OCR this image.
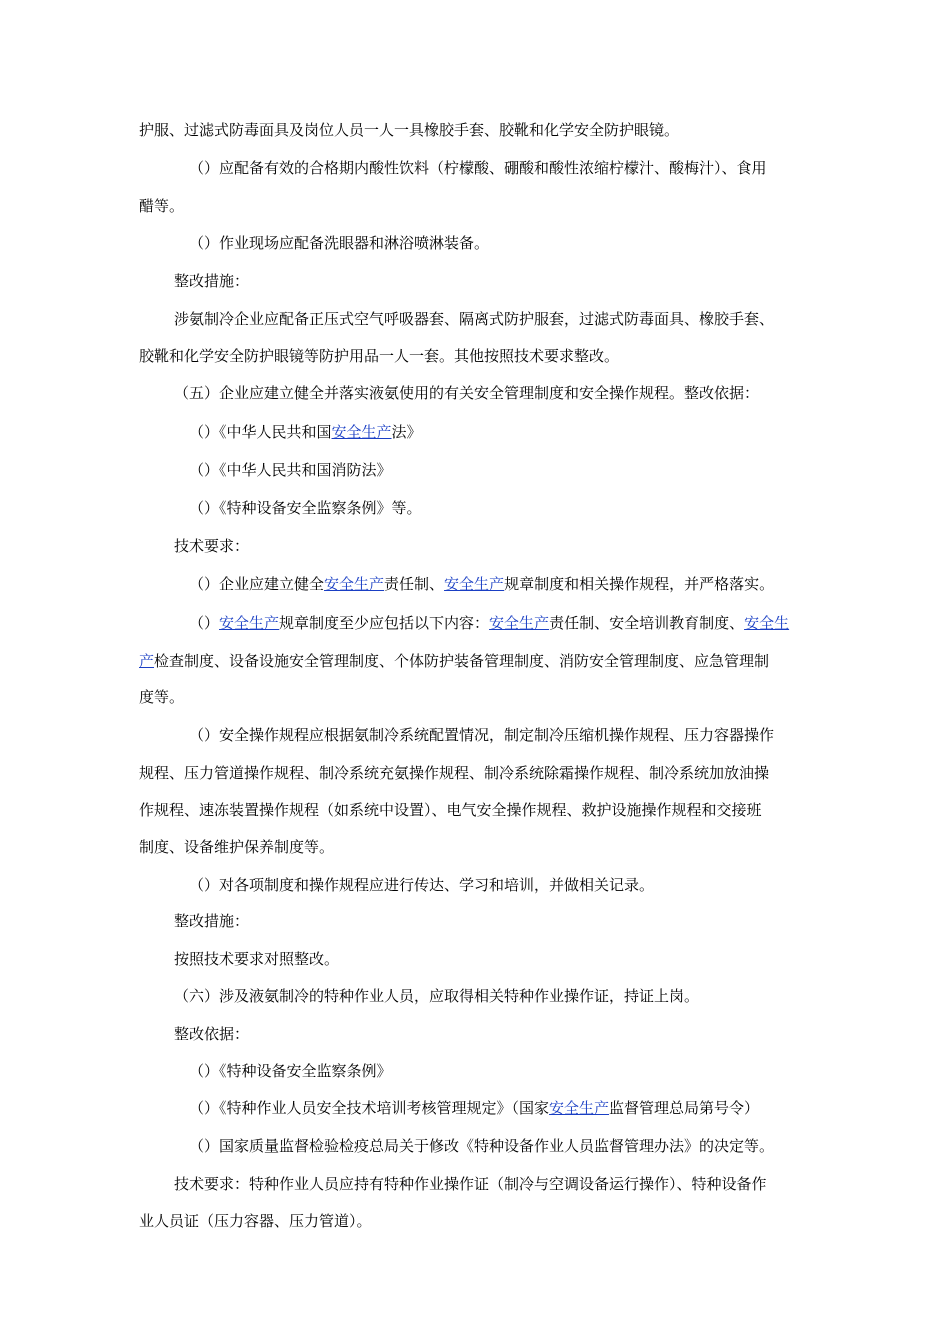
护服、过滤式防毒面具及岗位人员一人一具橡胶手套、胶靴和化学安全防护眼镜。
（）应配备有效的合格期内酸性饮料（柠檬酸、硼酸和酸性浓缩柠檬汁、酸梅汁）、食用
醋等。
（）作业现场应配备洗眼器和淋浴喷淋装备。
整改措施：
涉氨制冷企业应配备正压式空气呼吸器套、隔离式防护服套，过滤式防毒面具、橡胶手套、
胶靴和化学安全防护眼镜等防护用品一人一套。其他按照技术要求整改。
（五）企业应建立健全并落实液氨使用的有关安全管理制度和安全操作规程。整改依据：
（）《中华人民共和国安全生产法》
（）《中华人民共和国消防法》
（）《特种设备安全监察条例》等。
技术要求：
（）企业应建立健全安全生产责任制、安全生产规章制度和相关操作规程，并严格落实。
（）安全生产规章制度至少应包括以下内容：安全生产责任制、安全培训教育制度、安全生
产检查制度、设备设施安全管理制度、个体防护装备管理制度、消防安全管理制度、应急管理制
度等。
（）安全操作规程应根据氨制冷系统配置情况，制定制冷压缩机操作规程、压力容器操作
规程、压力管道操作规程、制冷系统充氨操作规程、制冷系统除霜操作规程、制冷系统加放油操
作规程、速冻装置操作规程（如系统中设置）、电气安全操作规程、救护设施操作规程和交接班
制度、设备维护保养制度等。
（）对各项制度和操作规程应进行传达、学习和培训，并做相关记录。
整改措施：
按照技术要求对照整改。
（六）涉及液氨制冷的特种作业人员，应取得相关特种作业操作证，持证上岗。
整改依据：
（）《特种设备安全监察条例》
（）《特种作业人员安全技术培训考核管理规定》（国家安全生产监督管理总局第号令）
（）国家质量监督检验检疫总局关于修改《特种设备作业人员监督管理办法》的决定等。
技术要求：特种作业人员应持有特种作业操作证（制冷与空调设备运行操作）、特种设备作
业人员证（压力容器、压力管道）。
